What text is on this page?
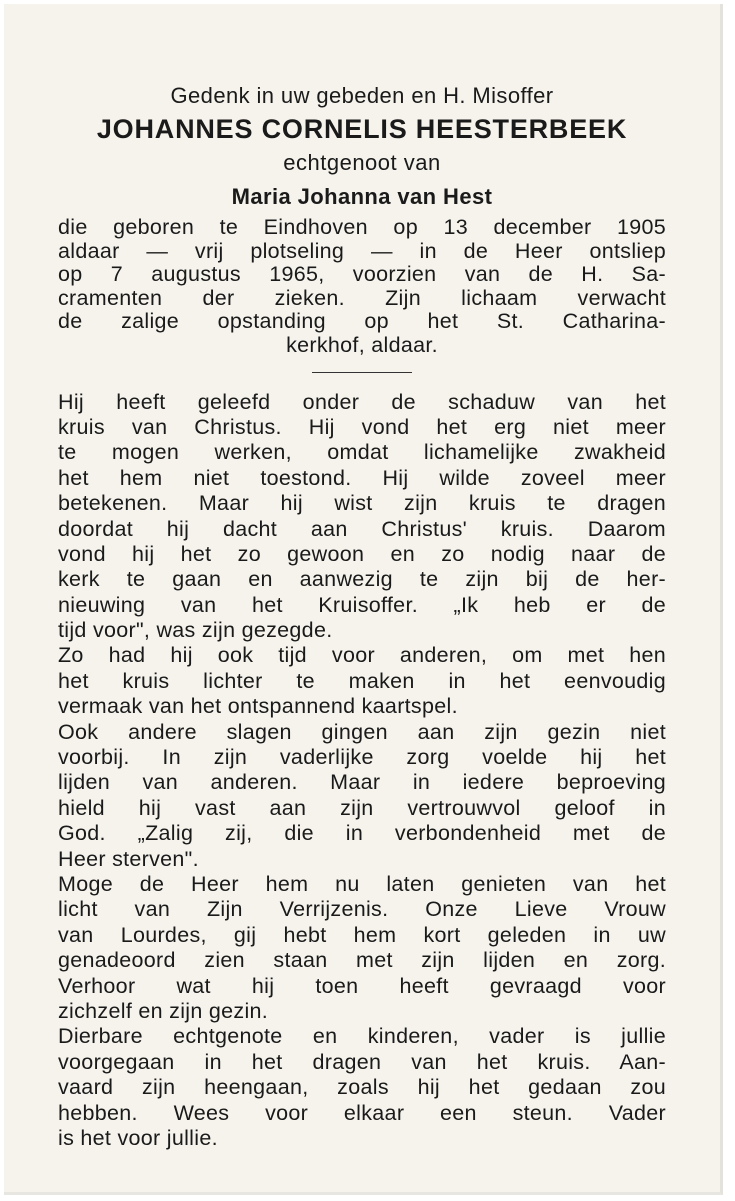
Gedenk in uw gebeden en H. Misoffer
JOHANNES CORNELIS HEESTERBEEK
echtgenoot van
Maria Johanna van Hest
die geboren te Eindhoven op 13 december 1905
aldaar — vrij plotseling — in de Heer ontsliep
op 7 augustus 1965, voorzien van de H. Sa-
cramenten der zieken. Zijn lichaam verwacht
de zalige opstanding op het St. Catharina-
kerkhof, aldaar.
Hij heeft geleefd onder de schaduw van het
kruis van Christus. Hij vond het erg niet meer
te mogen werken, omdat lichamelijke zwakheid
het hem niet toestond. Hij wilde zoveel meer
betekenen. Maar hij wist zijn kruis te dragen
doordat hij dacht aan Christus' kruis. Daarom
vond hij het zo gewoon en zo nodig naar de
kerk te gaan en aanwezig te zijn bij de her-
nieuwing van het Kruisoffer. „Ik heb er de
tijd voor", was zijn gezegde.
Zo had hij ook tijd voor anderen, om met hen
het kruis lichter te maken in het eenvoudig
vermaak van het ontspannend kaartspel.
Ook andere slagen gingen aan zijn gezin niet
voorbij. In zijn vaderlijke zorg voelde hij het
lijden van anderen. Maar in iedere beproeving
hield hij vast aan zijn vertrouwvol geloof in
God. „Zalig zij, die in verbondenheid met de
Heer sterven".
Moge de Heer hem nu laten genieten van het
licht van Zijn Verrijzenis. Onze Lieve Vrouw
van Lourdes, gij hebt hem kort geleden in uw
genadeoord zien staan met zijn lijden en zorg.
Verhoor wat hij toen heeft gevraagd voor
zichzelf en zijn gezin.
Dierbare echtgenote en kinderen, vader is jullie
voorgegaan in het dragen van het kruis. Aan-
vaard zijn heengaan, zoals hij het gedaan zou
hebben. Wees voor elkaar een steun. Vader
is het voor jullie.
